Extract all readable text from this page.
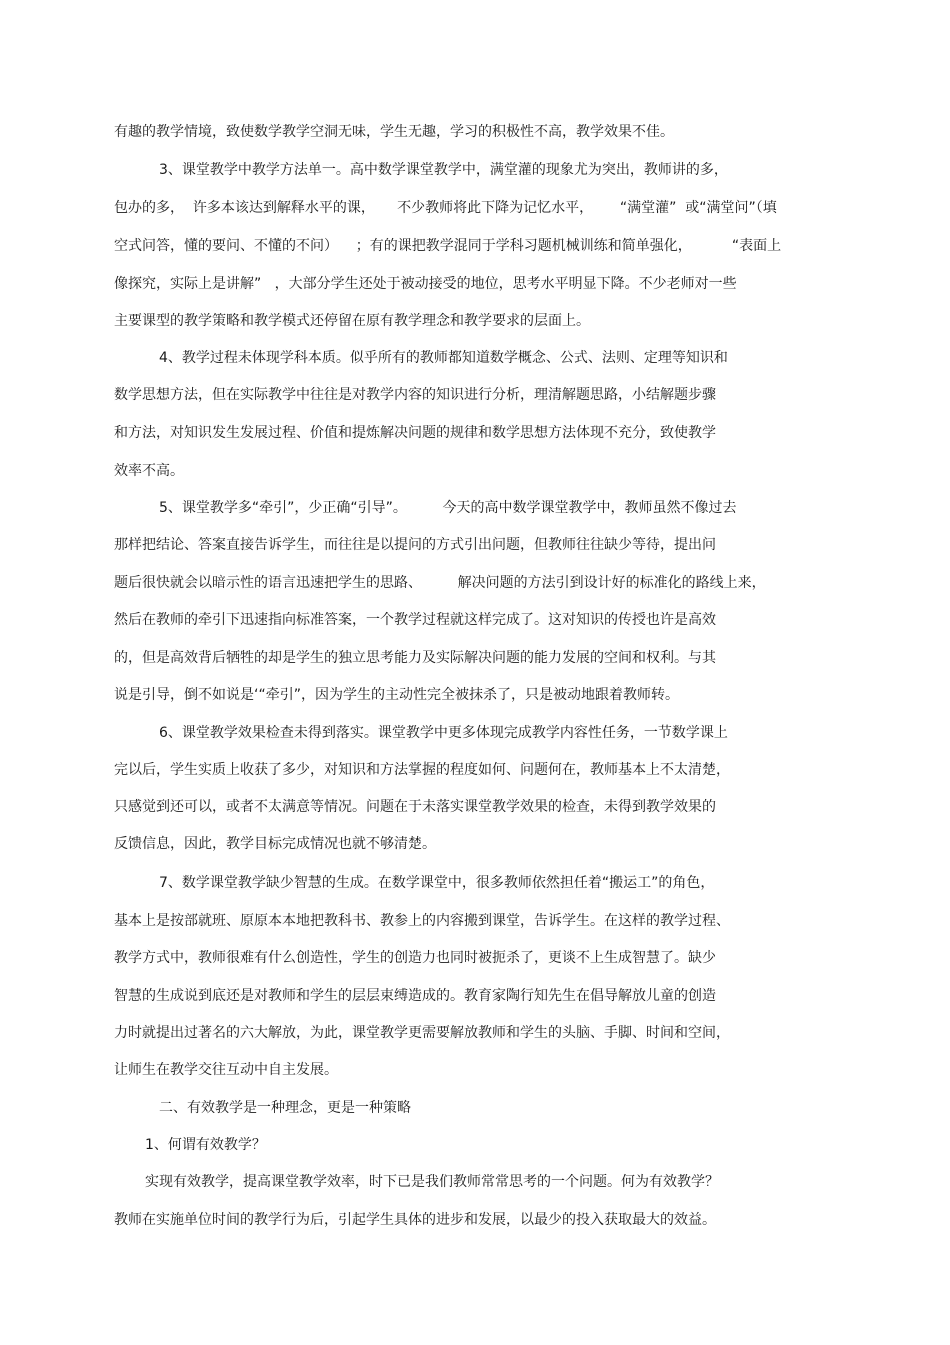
有趣的教学情境，致使数学教学空洞无味，学生无趣，学习的积极性不高，教学效果不佳。
3、课堂教学中教学方法单一。高中数学课堂教学中，满堂灌的现象尤为突出，教师讲的多，
包办的多，  许多本该达到解释水平的课，     不少教师将此下降为记忆水平，      “满堂灌”  或“满堂问”（填
空式问答，懂的要问、不懂的不问）    ；有的课把教学混同于学科习题机械训练和简单强化，         “表面上
像探究，实际上是讲解”   ，大部分学生还处于被动接受的地位，思考水平明显下降。不少老师对一些
主要课型的教学策略和教学模式还停留在原有教学理念和教学要求的层面上。
4、教学过程未体现学科本质。似乎所有的教师都知道数学概念、公式、法则、定理等知识和
数学思想方法，但在实际教学中往往是对教学内容的知识进行分析，理清解题思路，小结解题步骤
和方法，对知识发生发展过程、价值和提炼解决问题的规律和数学思想方法体现不充分，致使教学
效率不高。
5、课堂教学多“牵引”，少正确“引导”。        今天的高中数学课堂教学中，教师虽然不像过去
那样把结论、答案直接告诉学生，而往往是以提问的方式引出问题，但教师往往缺少等待，提出问
题后很快就会以暗示性的语言迅速把学生的思路、        解决问题的方法引到设计好的标准化的路线上来，
然后在教师的牵引下迅速指向标准答案，一个教学过程就这样完成了。这对知识的传授也许是高效
的，但是高效背后牺牲的却是学生的独立思考能力及实际解决问题的能力发展的空间和权利。与其
说是引导，倒不如说是‘“牵引”，因为学生的主动性完全被抹杀了，只是被动地跟着教师转。
6、课堂教学效果检查未得到落实。课堂教学中更多体现完成教学内容性任务，一节数学课上
完以后，学生实质上收获了多少，对知识和方法掌握的程度如何、问题何在，教师基本上不太清楚，
只感觉到还可以，或者不太满意等情况。问题在于未落实课堂教学效果的检查，未得到教学效果的
反馈信息，因此，教学目标完成情况也就不够清楚。
7、数学课堂教学缺少智慧的生成。在数学课堂中，很多教师依然担任着“搬运工”的角色，
基本上是按部就班、原原本本地把教科书、教参上的内容搬到课堂，告诉学生。在这样的教学过程、
教学方式中，教师很难有什么创造性，学生的创造力也同时被扼杀了，更谈不上生成智慧了。缺少
智慧的生成说到底还是对教师和学生的层层束缚造成的。教育家陶行知先生在倡导解放儿童的创造
力时就提出过著名的六大解放，为此，课堂教学更需要解放教师和学生的头脑、手脚、时间和空间，
让师生在教学交往互动中自主发展。
二、有效教学是一种理念，更是一种策略
1、何谓有效教学？
实现有效教学，提高课堂教学效率，时下已是我们教师常常思考的一个问题。何为有效教学？
教师在实施单位时间的教学行为后，引起学生具体的进步和发展，以最少的投入获取最大的效益。
